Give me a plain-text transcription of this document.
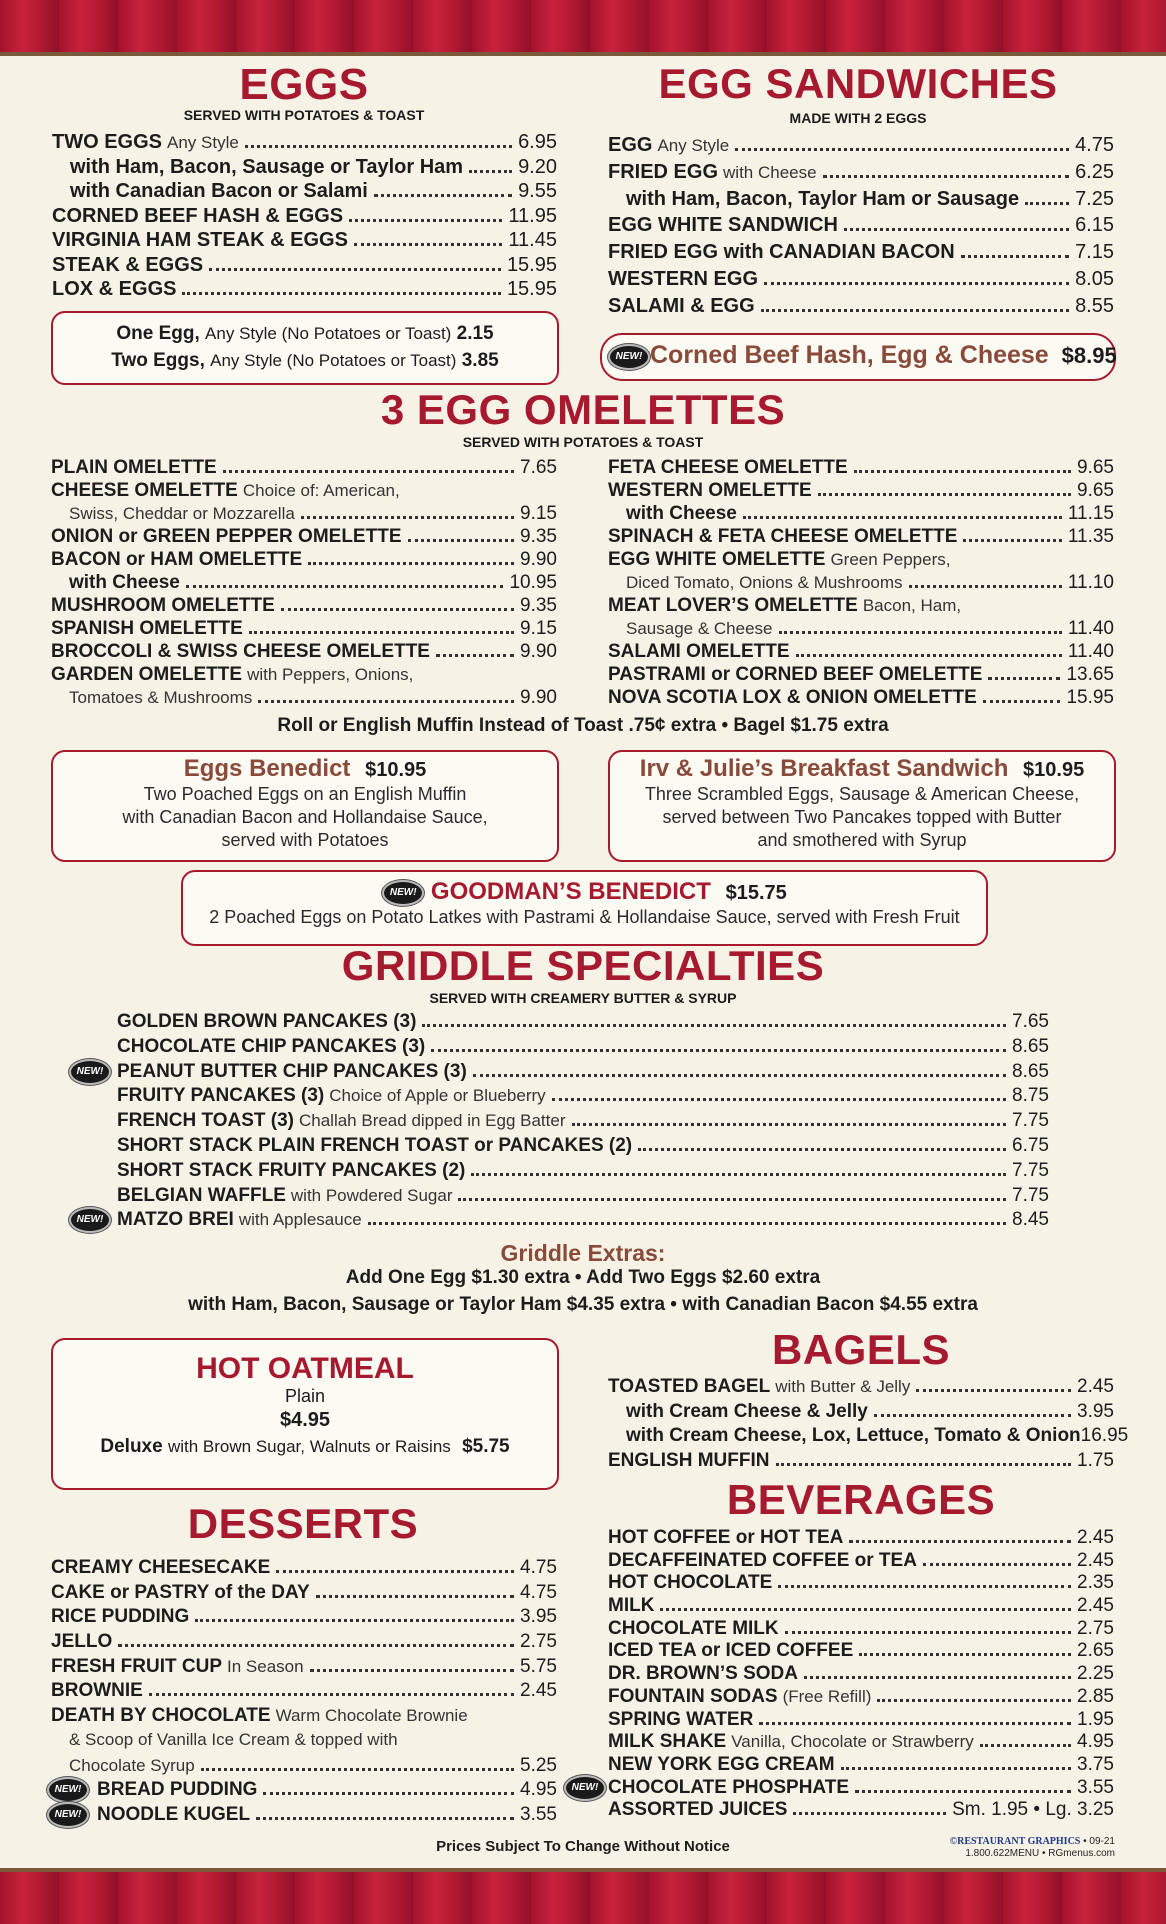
EGGS
SERVED WITH POTATOES & TOAST
TWO EGGS Any Style	6.95
with Ham, Bacon, Sausage or Taylor Ham	9.20
with Canadian Bacon or Salami	9.55
CORNED BEEF HASH & EGGS	11.95
VIRGINIA HAM STEAK & EGGS	11.45
STEAK & EGGS	15.95
LOX & EGGS	15.95
One Egg, Any Style (No Potatoes or Toast) 2.15
Two Eggs, Any Style (No Potatoes or Toast) 3.85
EGG SANDWICHES
MADE WITH 2 EGGS
EGG Any Style	4.75
FRIED EGG with Cheese	6.25
with Ham, Bacon, Taylor Ham or Sausage	7.25
EGG WHITE SANDWICH	6.15
FRIED EGG with CANADIAN BACON	7.15
WESTERN EGG	8.05
SALAMI & EGG	8.55
NEW! Corned Beef Hash, Egg & Cheese $8.95
3 EGG OMELETTES
SERVED WITH POTATOES & TOAST
PLAIN OMELETTE	7.65
CHEESE OMELETTE Choice of: American,
Swiss, Cheddar or Mozzarella	9.15
ONION or GREEN PEPPER OMELETTE	9.35
BACON or HAM OMELETTE	9.90
with Cheese	10.95
MUSHROOM OMELETTE	9.35
SPANISH OMELETTE	9.15
BROCCOLI & SWISS CHEESE OMELETTE	9.90
GARDEN OMELETTE with Peppers, Onions,
Tomatoes & Mushrooms	9.90
FETA CHEESE OMELETTE	9.65
WESTERN OMELETTE	9.65
with Cheese	11.15
SPINACH & FETA CHEESE OMELETTE	11.35
EGG WHITE OMELETTE Green Peppers,
Diced Tomato, Onions & Mushrooms	11.10
MEAT LOVER’S OMELETTE Bacon, Ham,
Sausage & Cheese	11.40
SALAMI OMELETTE	11.40
PASTRAMI or CORNED BEEF OMELETTE	13.65
NOVA SCOTIA LOX & ONION OMELETTE	15.95
Roll or English Muffin Instead of Toast .75¢ extra • Bagel $1.75 extra
Eggs Benedict $10.95
Two Poached Eggs on an English Muffin
with Canadian Bacon and Hollandaise Sauce,
served with Potatoes
Irv & Julie’s Breakfast Sandwich $10.95
Three Scrambled Eggs, Sausage & American Cheese,
served between Two Pancakes topped with Butter
and smothered with Syrup
NEW! GOODMAN’S BENEDICT $15.75
2 Poached Eggs on Potato Latkes with Pastrami & Hollandaise Sauce, served with Fresh Fruit
GRIDDLE SPECIALTIES
SERVED WITH CREAMERY BUTTER & SYRUP
GOLDEN BROWN PANCAKES (3)	7.65
CHOCOLATE CHIP PANCAKES (3)	8.65
NEW! PEANUT BUTTER CHIP PANCAKES (3)	8.65
FRUITY PANCAKES (3) Choice of Apple or Blueberry	8.75
FRENCH TOAST (3) Challah Bread dipped in Egg Batter	7.75
SHORT STACK PLAIN FRENCH TOAST or PANCAKES (2)	6.75
SHORT STACK FRUITY PANCAKES (2)	7.75
BELGIAN WAFFLE with Powdered Sugar	7.75
NEW! MATZO BREI with Applesauce	8.45
Griddle Extras:
Add One Egg $1.30 extra • Add Two Eggs $2.60 extra
with Ham, Bacon, Sausage or Taylor Ham $4.35 extra • with Canadian Bacon $4.55 extra
HOT OATMEAL
Plain
$4.95
Deluxe with Brown Sugar, Walnuts or Raisins $5.75
BAGELS
TOASTED BAGEL with Butter & Jelly	2.45
with Cream Cheese & Jelly	3.95
with Cream Cheese, Lox, Lettuce, Tomato & Onion 16.95
ENGLISH MUFFIN	1.75
DESSERTS
CREAMY CHEESECAKE	4.75
CAKE or PASTRY of the DAY	4.75
RICE PUDDING	3.95
JELLO	2.75
FRESH FRUIT CUP In Season	5.75
BROWNIE	2.45
DEATH BY CHOCOLATE Warm Chocolate Brownie
& Scoop of Vanilla Ice Cream & topped with
Chocolate Syrup	5.25
NEW! BREAD PUDDING	4.95
NEW! NOODLE KUGEL	3.55
BEVERAGES
HOT COFFEE or HOT TEA	2.45
DECAFFEINATED COFFEE or TEA	2.45
HOT CHOCOLATE	2.35
MILK	2.45
CHOCOLATE MILK	2.75
ICED TEA or ICED COFFEE	2.65
DR. BROWN’S SODA	2.25
FOUNTAIN SODAS (Free Refill)	2.85
SPRING WATER	1.95
MILK SHAKE Vanilla, Chocolate or Strawberry	4.95
NEW YORK EGG CREAM	3.75
NEW! CHOCOLATE PHOSPHATE	3.55
ASSORTED JUICES	Sm. 1.95 • Lg. 3.25
Prices Subject To Change Without Notice	©RESTAURANT GRAPHICS • 09-21
1.800.622MENU • RGmenus.com
